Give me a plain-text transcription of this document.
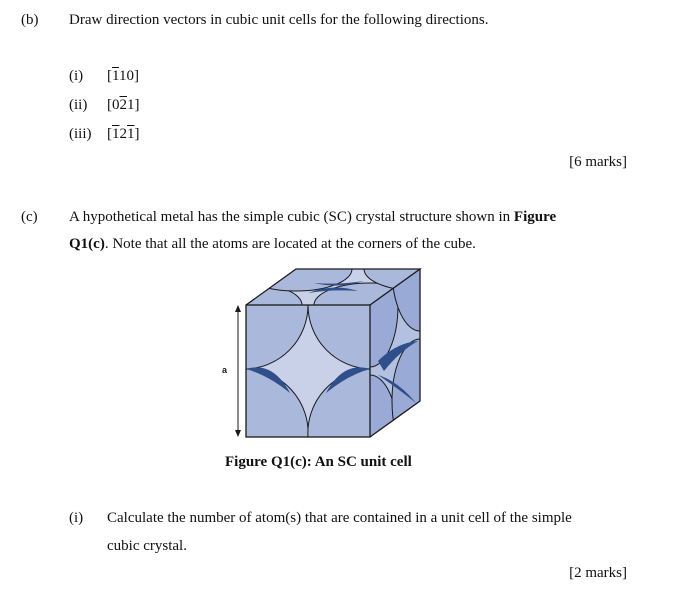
(b) Draw direction vectors in cubic unit cells for the following directions.
(i) [110]
(ii) [021]
(iii) [121]
[6 marks]
(c) A hypothetical metal has the simple cubic (SC) crystal structure shown in Figure
Q1(c). Note that all the atoms are located at the corners of the cube.
a
Figure Q1(c): An SC unit cell
(i) Calculate the number of atom(s) that are contained in a unit cell of the simple
cubic crystal.
[2 marks]
